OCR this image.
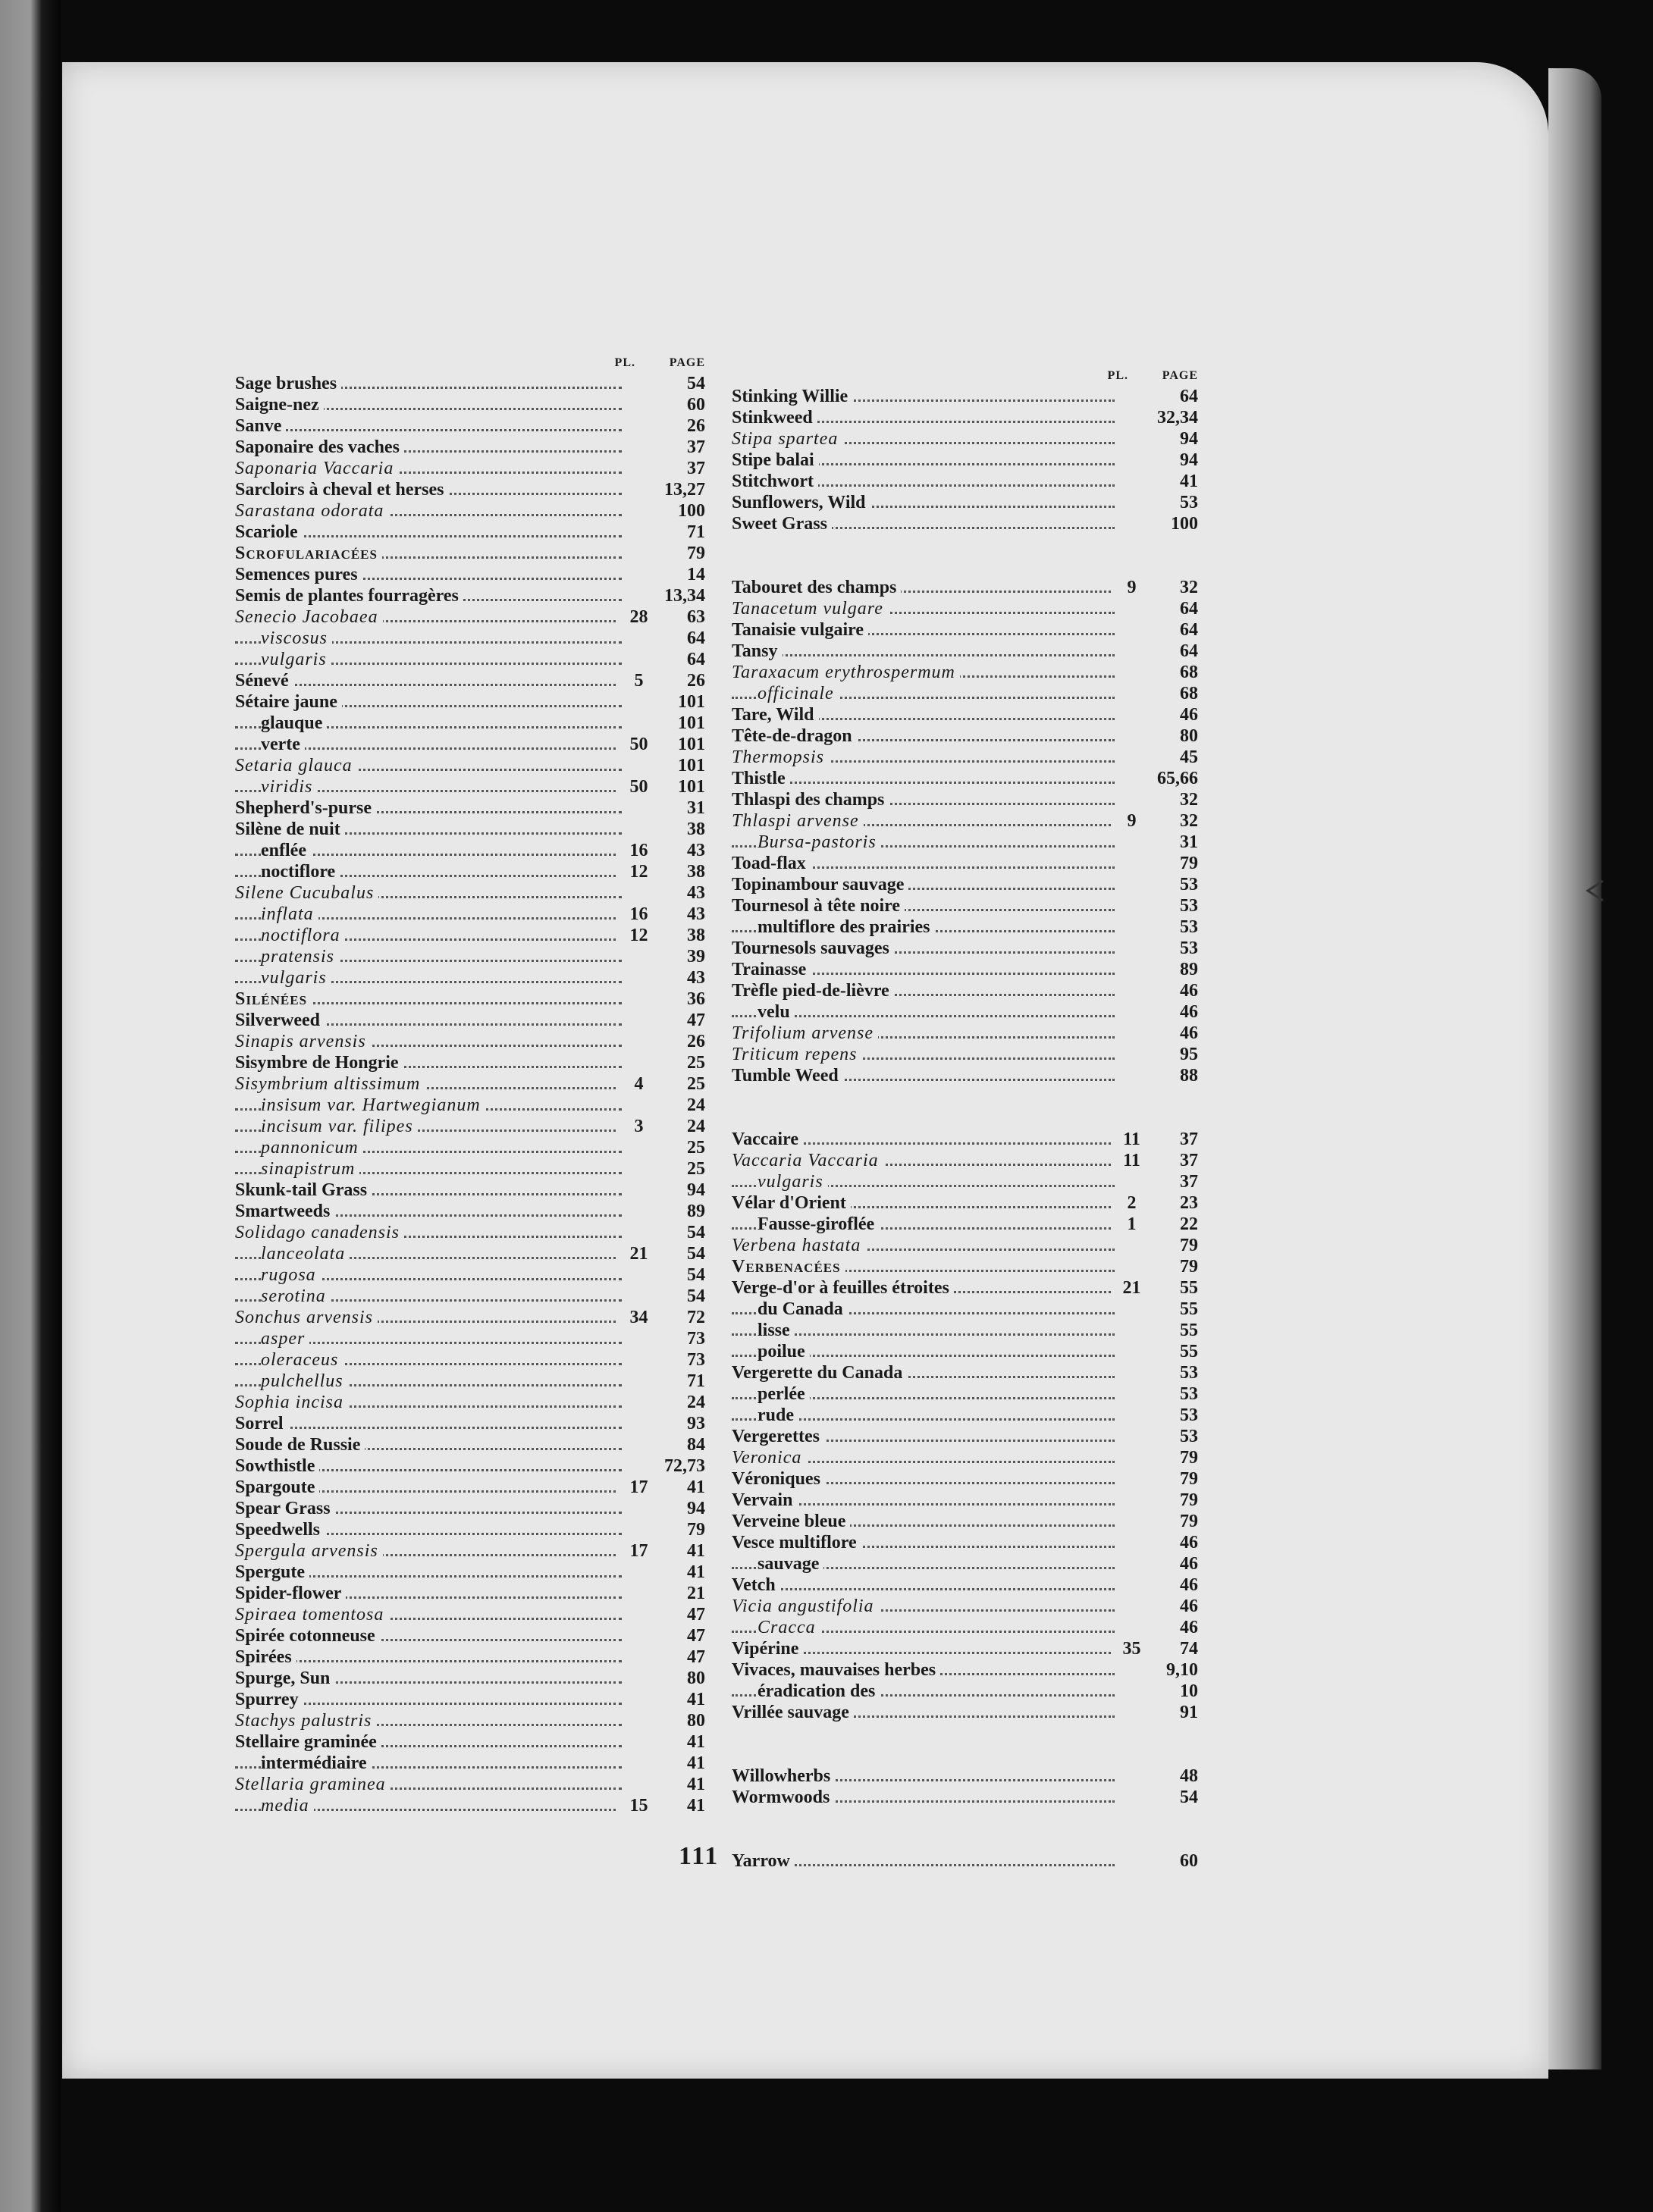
PL.	PAGE
Sage brushes	54
Saigne-nez	60
Sanve	26
Saponaire des vaches	37
Saponaria Vaccaria	37
Sarcloirs à cheval et herses	13,27
Sarastana odorata	100
Scariole	71
Scrofulariacées	79
Semences pures	14
Semis de plantes fourragères	13,34
Senecio Jacobaea	28	63
viscosus	64
vulgaris	64
Sénevé	5	26
Sétaire jaune	101
glauque	101
verte	50	101
Setaria glauca	101
viridis	50	101
Shepherd's-purse	31
Silène de nuit	38
enflée	16	43
noctiflore	12	38
Silene Cucubalus	43
inflata	16	43
noctiflora	12	38
pratensis	39
vulgaris	43
Silénées	36
Silverweed	47
Sinapis arvensis	26
Sisymbre de Hongrie	25
Sisymbrium altissimum	4	25
insisum var. Hartwegianum	24
incisum var. filipes	3	24
pannonicum	25
sinapistrum	25
Skunk-tail Grass	94
Smartweeds	89
Solidago canadensis	54
lanceolata	21	54
rugosa	54
serotina	54
Sonchus arvensis	34	72
asper	73
oleraceus	73
pulchellus	71
Sophia incisa	24
Sorrel	93
Soude de Russie	84
Sowthistle	72,73
Spargoute	17	41
Spear Grass	94
Speedwells	79
Spergula arvensis	17	41
Spergute	41
Spider-flower	21
Spiraea tomentosa	47
Spirée cotonneuse	47
Spirées	47
Spurge, Sun	80
Spurrey	41
Stachys palustris	80
Stellaire graminée	41
intermédiaire	41
Stellaria graminea	41
media	15	41
PL.	PAGE
Stinking Willie	64
Stinkweed	32,34
Stipa spartea	94
Stipe balai	94
Stitchwort	41
Sunflowers, Wild	53
Sweet Grass	100
Tabouret des champs	9	32
Tanacetum vulgare	64
Tanaisie vulgaire	64
Tansy	64
Taraxacum erythrospermum	68
officinale	68
Tare, Wild	46
Tête-de-dragon	80
Thermopsis	45
Thistle	65,66
Thlaspi des champs	32
Thlaspi arvense	9	32
Bursa-pastoris	31
Toad-flax	79
Topinambour sauvage	53
Tournesol à tête noire	53
multiflore des prairies	53
Tournesols sauvages	53
Trainasse	89
Trèfle pied-de-lièvre	46
velu	46
Trifolium arvense	46
Triticum repens	95
Tumble Weed	88
Vaccaire	11	37
Vaccaria Vaccaria	11	37
vulgaris	37
Vélar d'Orient	2	23
Fausse-giroflée	1	22
Verbena hastata	79
Verbenacées	79
Verge-d'or à feuilles étroites	21	55
du Canada	55
lisse	55
poilue	55
Vergerette du Canada	53
perlée	53
rude	53
Vergerettes	53
Veronica	79
Véroniques	79
Vervain	79
Verveine bleue	79
Vesce multiflore	46
sauvage	46
Vetch	46
Vicia angustifolia	46
Cracca	46
Vipérine	35	74
Vivaces, mauvaises herbes	9,10
éradication des	10
Vrillée sauvage	91
Willowherbs	48
Wormwoods	54
Yarrow	60
111
